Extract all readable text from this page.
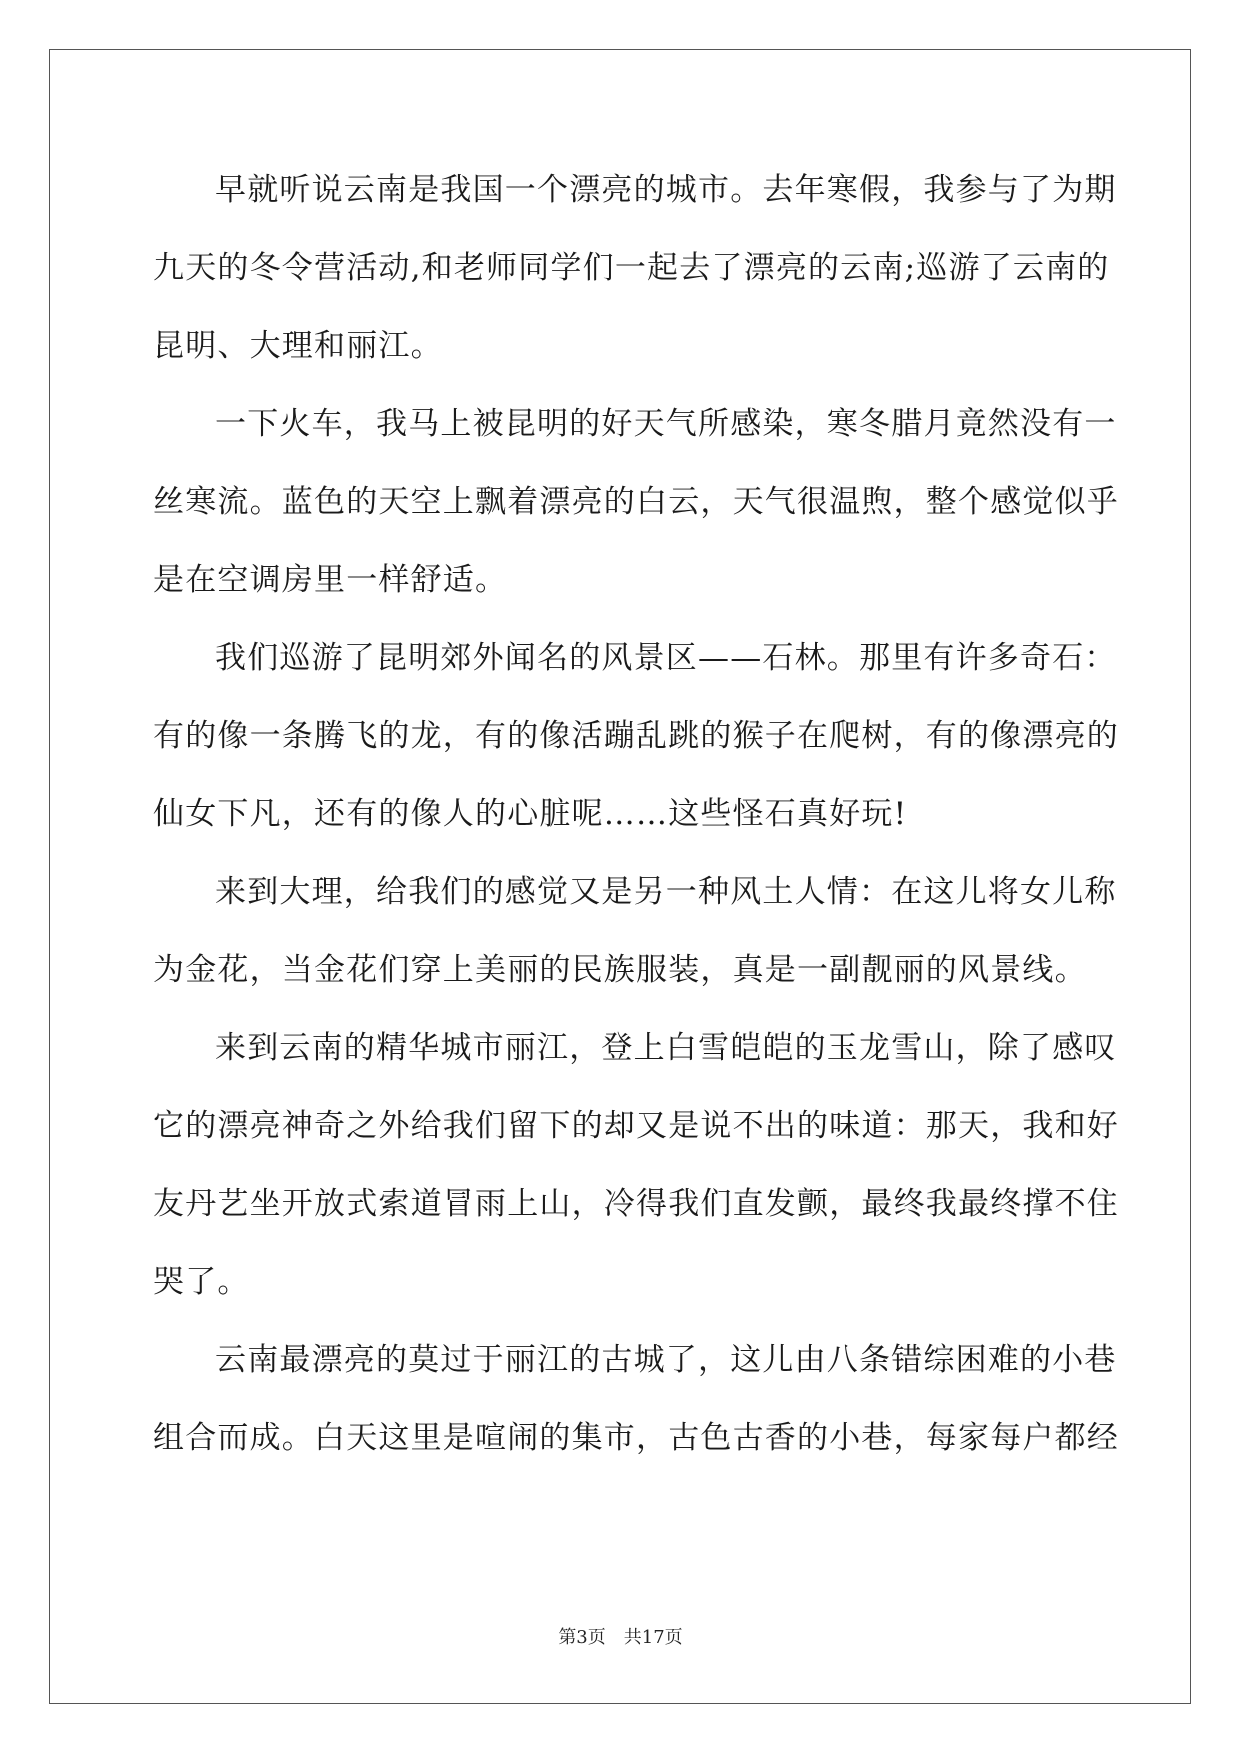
早就听说云南是我国一个漂亮的城市。去年寒假，我参与了为期
九天的冬令营活动,和老师同学们一起去了漂亮的云南;巡游了云南的
昆明、大理和丽江。
一下火车，我马上被昆明的好天气所感染，寒冬腊月竟然没有一
丝寒流。蓝色的天空上飘着漂亮的白云，天气很温煦，整个感觉似乎
是在空调房里一样舒适。
我们巡游了昆明郊外闻名的风景区——石林。那里有许多奇石：
有的像一条腾飞的龙，有的像活蹦乱跳的猴子在爬树，有的像漂亮的
仙女下凡，还有的像人的心脏呢……这些怪石真好玩!
来到大理，给我们的感觉又是另一种风土人情：在这儿将女儿称
为金花，当金花们穿上美丽的民族服装，真是一副靓丽的风景线。
来到云南的精华城市丽江，登上白雪皑皑的玉龙雪山，除了感叹
它的漂亮神奇之外给我们留下的却又是说不出的味道：那天，我和好
友丹艺坐开放式索道冒雨上山，冷得我们直发颤，最终我最终撑不住
哭了。
云南最漂亮的莫过于丽江的古城了，这儿由八条错综困难的小巷
组合而成。白天这里是喧闹的集市，古色古香的小巷，每家每户都经
第3页　共17页
